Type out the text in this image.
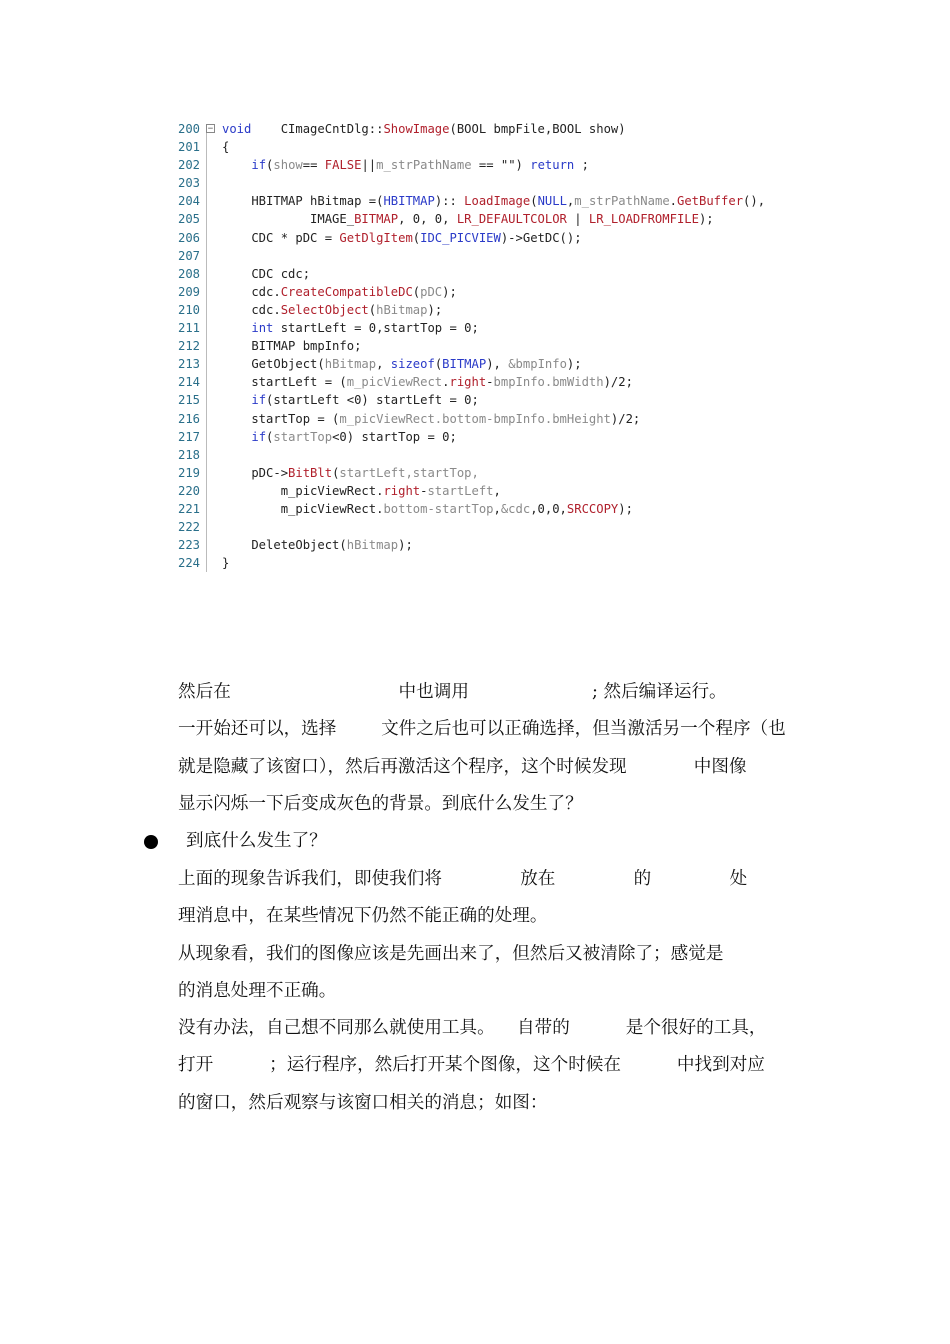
200 − void    CImageCntDlg::ShowImage(BOOL bmpFile,BOOL show)
201 {
202	if(show== FALSE||m_strPathName == "") return ;
203
204 HBITMAP hBitmap =(HBITMAP):: LoadImage(NULL,m_strPathName.GetBuffer(),
205 IMAGE_BITMAP, 0, 0, LR_DEFAULTCOLOR | LR_LOADFROMFILE);
206 CDC * pDC = GetDlgItem(IDC_PICVIEW)->GetDC();
207
208 CDC cdc;
209 cdc.CreateCompatibleDC(pDC);
210 cdc.SelectObject(hBitmap);
211	int startLeft = 0,startTop = 0;
212 BITMAP bmpInfo;
213 GetObject(hBitmap, sizeof(BITMAP), &bmpInfo);
214 startLeft = (m_picViewRect.right-bmpInfo.bmWidth)/2;
215	if(startLeft <0) startLeft = 0;
216 startTop = (m_picViewRect.bottom-bmpInfo.bmHeight)/2;
217	if(startTop<0) startTop = 0;
218
219 pDC->BitBlt(startLeft,startTop,
220 m_picViewRect.right-startLeft,
221 m_picViewRect.bottom-startTop,&cdc,0,0,SRCCOPY);
222
223 DeleteObject(hBitmap);
224 }

然后在                              中也调用                      ; 然后编译运行。

一开始还可以，选择        文件之后也可以正确选择，但当激活另一个程序（也

就是隐藏了该窗口），然后再激活这个程序，这个时候发现            中图像

显示闪烁一下后变成灰色的背景。到底什么发生了？

到底什么发生了？

上面的现象告诉我们，即使我们将              放在              的              处

理消息中，在某些情况下仍然不能正确的处理。

从现象看，我们的图像应该是先画出来了，但然后又被清除了；感觉是

的消息处理不正确。

没有办法，自己想不同那么就使用工具。    自带的          是个很好的工具，

打开          ；运行程序，然后打开某个图像，这个时候在          中找到对应

的窗口，然后观察与该窗口相关的消息；如图：
